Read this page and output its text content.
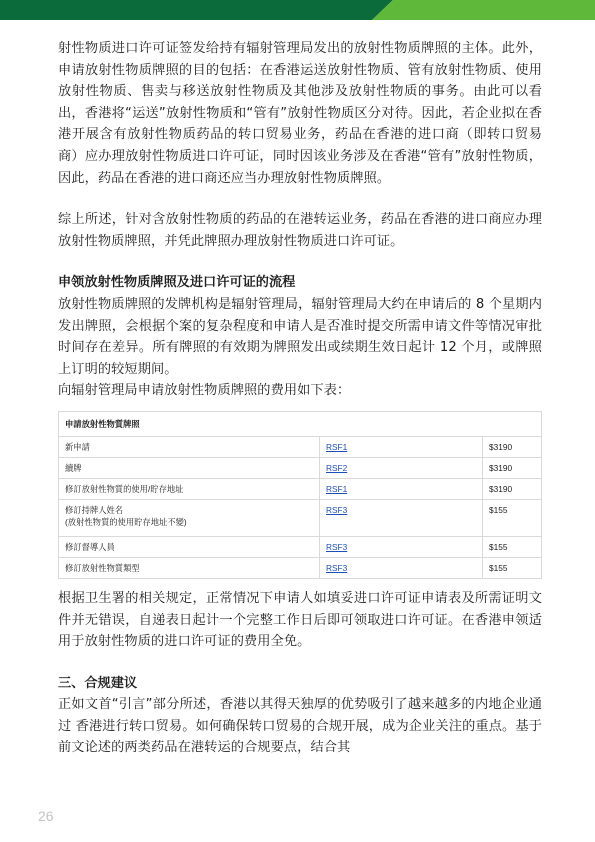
射性物质进口许可证签发给持有辐射管理局发出的放射性物质牌照的主体。此外，申请放射性物质牌照的目的包括：在香港运送放射性物质、管有放射性物质、使用放射性物质、售卖与移送放射性物质及其他涉及放射性物质的事务。由此可以看出，香港将“运送”放射性物质和“管有”放射性物质区分对待。因此，若企业拟在香港开展含有放射性物质药品的转口贸易业务，药品在香港的进口商（即转口贸易商）应办理放射性物质进口许可证，同时因该业务涉及在香港“管有”放射性物质，因此，药品在香港的进口商还应当办理放射性物质牌照。

综上所述，针对含放射性物质的药品的在港转运业务，药品在香港的进口商应办理放射性物质牌照，并凭此牌照办理放射性物质进口许可证。

申领放射性物质牌照及进口许可证的流程

放射性物质牌照的发牌机构是辐射管理局，辐射管理局大约在申请后的 8 个星期内发出牌照，会根据个案的复杂程度和申请人是否准时提交所需申请文件等情况审批时间存在差异。所有牌照的有效期为牌照发出或续期生效日起计 12 个月，或牌照上订明的较短期间。

向辐射管理局申请放射性物质牌照的费用如下表：

申請放射性物質牌照		
新申請	RSF1	$3190
續牌	RSF2	$3190
修訂放射性物質的使用/貯存地址	RSF1	$3190

修訂持牌人姓名
(放射性物質的使用貯存地址不變)	RSF3	$155
修訂督導人員	RSF3	$155
修訂放射性物質類型	RSF3	$155

根据卫生署的相关规定，正常情况下申请人如填妥进口许可证申请表及所需证明文件并无错误，自递表日起计一个完整工作日后即可领取进口许可证。在香港申领适用于放射性物质的进口许可证的费用全免。

三、合规建议

正如文首“引言”部分所述，香港以其得天独厚的优势吸引了越来越多的内地企业通过 香港进行转口贸易。如何确保转口贸易的合规开展，成为企业关注的重点。基于前文论述的两类药品在港转运的合规要点，结合其

26
